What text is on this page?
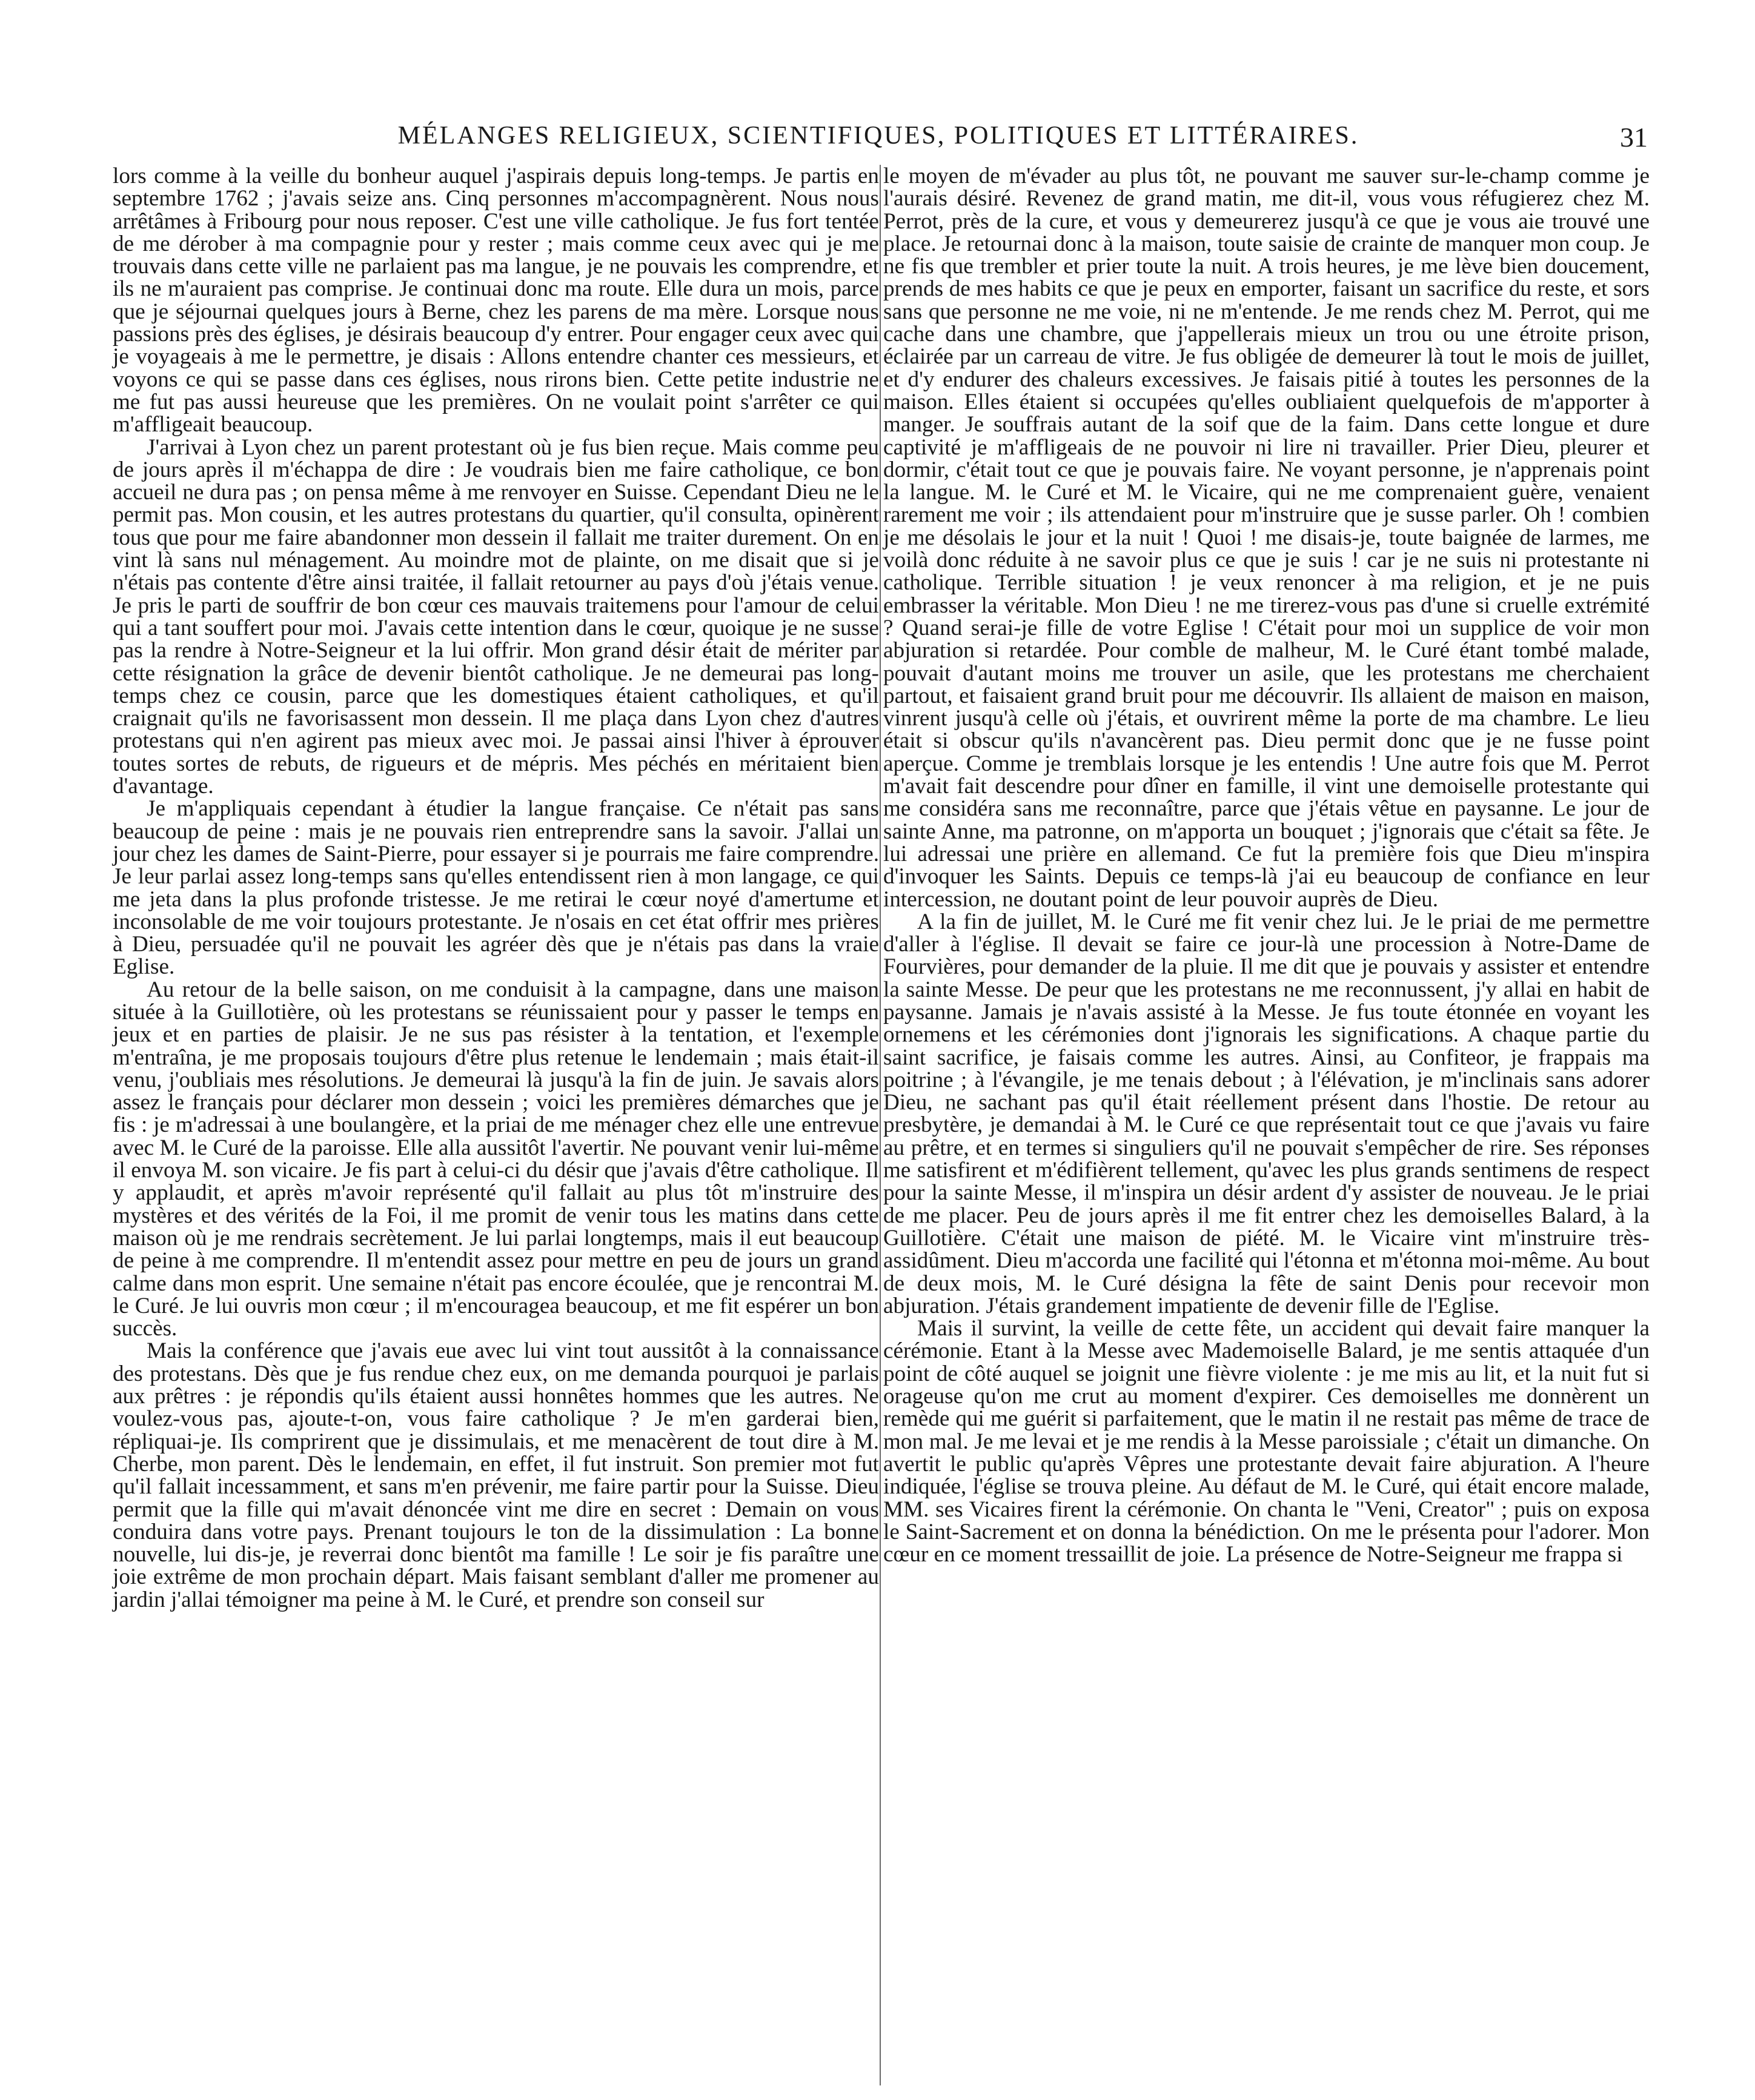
MÉLANGES RELIGIEUX, SCIENTIFIQUES, POLITIQUES ET LITTÉRAIRES.	31

lors comme à la veille du bonheur auquel j'aspirais depuis long-temps. Je partis en septembre 1762 ; j'avais seize ans. Cinq personnes m'accompagnèrent. Nous nous arrêtâmes à Fribourg pour nous reposer. C'est une ville catholique. Je fus fort tentée de me dérober à ma compagnie pour y rester ; mais comme ceux avec qui je me trouvais dans cette ville ne parlaient pas ma langue, je ne pouvais les comprendre, et ils ne m'auraient pas comprise. Je continuai donc ma route. Elle dura un mois, parce que je séjournai quelques jours à Berne, chez les parens de ma mère. Lorsque nous passions près des églises, je désirais beaucoup d'y entrer. Pour engager ceux avec qui je voyageais à me le permettre, je disais : Allons entendre chanter ces messieurs, et voyons ce qui se passe dans ces églises, nous rirons bien. Cette petite industrie ne me fut pas aussi heureuse que les premières. On ne voulait point s'arrêter ce qui m'affligeait beaucoup.

J'arrivai à Lyon chez un parent protestant où je fus bien reçue. Mais comme peu de jours après il m'échappa de dire : Je voudrais bien me faire catholique, ce bon accueil ne dura pas ; on pensa même à me renvoyer en Suisse. Cependant Dieu ne le permit pas. Mon cousin, et les autres protestans du quartier, qu'il consulta, opinèrent tous que pour me faire abandonner mon dessein il fallait me traiter durement. On en vint là sans nul ménagement. Au moindre mot de plainte, on me disait que si je n'étais pas contente d'être ainsi traitée, il fallait retourner au pays d'où j'étais venue. Je pris le parti de souffrir de bon cœur ces mauvais traitemens pour l'amour de celui qui a tant souffert pour moi. J'avais cette intention dans le cœur, quoique je ne susse pas la rendre à Notre-Seigneur et la lui offrir. Mon grand désir était de mériter par cette résignation la grâce de devenir bientôt catholique. Je ne demeurai pas long-temps chez ce cousin, parce que les domestiques étaient catholiques, et qu'il craignait qu'ils ne favorisassent mon dessein. Il me plaça dans Lyon chez d'autres protestans qui n'en agirent pas mieux avec moi. Je passai ainsi l'hiver à éprouver toutes sortes de rebuts, de rigueurs et de mépris. Mes péchés en méritaient bien d'avantage.

Je m'appliquais cependant à étudier la langue française. Ce n'était pas sans beaucoup de peine : mais je ne pouvais rien entreprendre sans la savoir. J'allai un jour chez les dames de Saint-Pierre, pour essayer si je pourrais me faire comprendre. Je leur parlai assez long-temps sans qu'elles entendissent rien à mon langage, ce qui me jeta dans la plus profonde tristesse. Je me retirai le cœur noyé d'amertume et inconsolable de me voir toujours protestante. Je n'osais en cet état offrir mes prières à Dieu, persuadée qu'il ne pouvait les agréer dès que je n'étais pas dans la vraie Eglise.

Au retour de la belle saison, on me conduisit à la campagne, dans une maison située à la Guillotière, où les protestans se réunissaient pour y passer le temps en jeux et en parties de plaisir. Je ne sus pas résister à la tentation, et l'exemple m'entraîna, je me proposais toujours d'être plus retenue le lendemain ; mais était-il venu, j'oubliais mes résolutions. Je demeurai là jusqu'à la fin de juin. Je savais alors assez le français pour déclarer mon dessein ; voici les premières démarches que je fis : je m'adressai à une boulangère, et la priai de me ménager chez elle une entrevue avec M. le Curé de la paroisse. Elle alla aussitôt l'avertir. Ne pouvant venir lui-même il envoya M. son vicaire. Je fis part à celui-ci du désir que j'avais d'être catholique. Il y applaudit, et après m'avoir représenté qu'il fallait au plus tôt m'instruire des mystères et des vérités de la Foi, il me promit de venir tous les matins dans cette maison où je me rendrais secrètement. Je lui parlai longtemps, mais il eut beaucoup de peine à me comprendre. Il m'entendit assez pour mettre en peu de jours un grand calme dans mon esprit. Une semaine n'était pas encore écoulée, que je rencontrai M. le Curé. Je lui ouvris mon cœur ; il m'encouragea beaucoup, et me fit espérer un bon succès.

Mais la conférence que j'avais eue avec lui vint tout aussitôt à la connaissance des protestans. Dès que je fus rendue chez eux, on me demanda pourquoi je parlais aux prêtres : je répondis qu'ils étaient aussi honnêtes hommes que les autres. Ne voulez-vous pas, ajoute-t-on, vous faire catholique ? Je m'en garderai bien, répliquai-je. Ils comprirent que je dissimulais, et me menacèrent de tout dire à M. Cherbe, mon parent. Dès le lendemain, en effet, il fut instruit. Son premier mot fut qu'il fallait incessamment, et sans m'en prévenir, me faire partir pour la Suisse. Dieu permit que la fille qui m'avait dénoncée vint me dire en secret : Demain on vous conduira dans votre pays. Prenant toujours le ton de la dissimulation : La bonne nouvelle, lui dis-je, je reverrai donc bientôt ma famille ! Le soir je fis paraître une joie extrême de mon prochain départ. Mais faisant semblant d'aller me promener au jardin j'allai témoigner ma peine à M. le Curé, et prendre son conseil sur

le moyen de m'évader au plus tôt, ne pouvant me sauver sur-le-champ comme je l'aurais désiré. Revenez de grand matin, me dit-il, vous vous réfugierez chez M. Perrot, près de la cure, et vous y demeurerez jusqu'à ce que je vous aie trouvé une place. Je retournai donc à la maison, toute saisie de crainte de manquer mon coup. Je ne fis que trembler et prier toute la nuit. A trois heures, je me lève bien doucement, prends de mes habits ce que je peux en emporter, faisant un sacrifice du reste, et sors sans que personne ne me voie, ni ne m'entende. Je me rends chez M. Perrot, qui me cache dans une chambre, que j'appellerais mieux un trou ou une étroite prison, éclairée par un carreau de vitre. Je fus obligée de demeurer là tout le mois de juillet, et d'y endurer des chaleurs excessives. Je faisais pitié à toutes les personnes de la maison. Elles étaient si occupées qu'elles oubliaient quelquefois de m'apporter à manger. Je souffrais autant de la soif que de la faim. Dans cette longue et dure captivité je m'affligeais de ne pouvoir ni lire ni travailler. Prier Dieu, pleurer et dormir, c'était tout ce que je pouvais faire. Ne voyant personne, je n'apprenais point la langue. M. le Curé et M. le Vicaire, qui ne me comprenaient guère, venaient rarement me voir ; ils attendaient pour m'instruire que je susse parler. Oh ! combien je me désolais le jour et la nuit ! Quoi ! me disais-je, toute baignée de larmes, me voilà donc réduite à ne savoir plus ce que je suis ! car je ne suis ni protestante ni catholique. Terrible situation ! je veux renoncer à ma religion, et je ne puis embrasser la véritable. Mon Dieu ! ne me tirerez-vous pas d'une si cruelle extrémité ? Quand serai-je fille de votre Eglise ! C'était pour moi un supplice de voir mon abjuration si retardée. Pour comble de malheur, M. le Curé étant tombé malade, pouvait d'autant moins me trouver un asile, que les protestans me cherchaient partout, et faisaient grand bruit pour me découvrir. Ils allaient de maison en maison, vinrent jusqu'à celle où j'étais, et ouvrirent même la porte de ma chambre. Le lieu était si obscur qu'ils n'avancèrent pas. Dieu permit donc que je ne fusse point aperçue. Comme je tremblais lorsque je les entendis ! Une autre fois que M. Perrot m'avait fait descendre pour dîner en famille, il vint une demoiselle protestante qui me considéra sans me reconnaître, parce que j'étais vêtue en paysanne. Le jour de sainte Anne, ma patronne, on m'apporta un bouquet ; j'ignorais que c'était sa fête. Je lui adressai une prière en allemand. Ce fut la première fois que Dieu m'inspira d'invoquer les Saints. Depuis ce temps-là j'ai eu beaucoup de confiance en leur intercession, ne doutant point de leur pouvoir auprès de Dieu.

A la fin de juillet, M. le Curé me fit venir chez lui. Je le priai de me permettre d'aller à l'église. Il devait se faire ce jour-là une procession à Notre-Dame de Fourvières, pour demander de la pluie. Il me dit que je pouvais y assister et entendre la sainte Messe. De peur que les protestans ne me reconnussent, j'y allai en habit de paysanne. Jamais je n'avais assisté à la Messe. Je fus toute étonnée en voyant les ornemens et les cérémonies dont j'ignorais les significations. A chaque partie du saint sacrifice, je faisais comme les autres. Ainsi, au Confiteor, je frappais ma poitrine ; à l'évangile, je me tenais debout ; à l'élévation, je m'inclinais sans adorer Dieu, ne sachant pas qu'il était réellement présent dans l'hostie. De retour au presbytère, je demandai à M. le Curé ce que représentait tout ce que j'avais vu faire au prêtre, et en termes si singuliers qu'il ne pouvait s'empêcher de rire. Ses réponses me satisfirent et m'édifièrent tellement, qu'avec les plus grands sentimens de respect pour la sainte Messe, il m'inspira un désir ardent d'y assister de nouveau. Je le priai de me placer. Peu de jours après il me fit entrer chez les demoiselles Balard, à la Guillotière. C'était une maison de piété. M. le Vicaire vint m'instruire très-assidûment. Dieu m'accorda une facilité qui l'étonna et m'étonna moi-même. Au bout de deux mois, M. le Curé désigna la fête de saint Denis pour recevoir mon abjuration. J'étais grandement impatiente de devenir fille de l'Eglise.

Mais il survint, la veille de cette fête, un accident qui devait faire manquer la cérémonie. Etant à la Messe avec Mademoiselle Balard, je me sentis attaquée d'un point de côté auquel se joignit une fièvre violente : je me mis au lit, et la nuit fut si orageuse qu'on me crut au moment d'expirer. Ces demoiselles me donnèrent un remède qui me guérit si parfaitement, que le matin il ne restait pas même de trace de mon mal. Je me levai et je me rendis à la Messe paroissiale ; c'était un dimanche. On avertit le public qu'après Vêpres une protestante devait faire abjuration. A l'heure indiquée, l'église se trouva pleine. Au défaut de M. le Curé, qui était encore malade, MM. ses Vicaires firent la cérémonie. On chanta le "Veni, Creator" ; puis on exposa le Saint-Sacrement et on donna la bénédiction. On me le présenta pour l'adorer. Mon cœur en ce moment tressaillit de joie. La présence de Notre-Seigneur me frappa si
